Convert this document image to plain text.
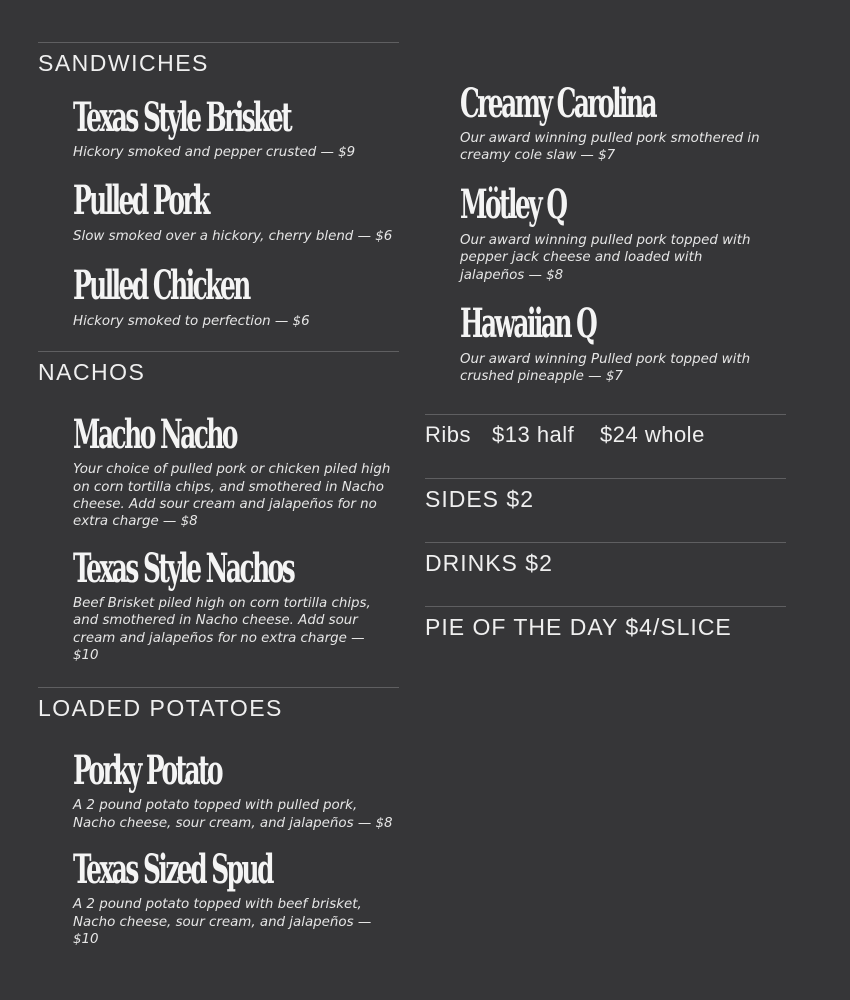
SANDWICHES
Texas Style Brisket
Hickory smoked and pepper crusted — $9
Pulled Pork
Slow smoked over a hickory, cherry blend — $6
Pulled Chicken
Hickory smoked to perfection — $6
NACHOS
Macho Nacho
Your choice of pulled pork or chicken piled high on corn tortilla chips, and smothered in Nacho cheese. Add sour cream and jalapeños for no extra charge — $8
Texas Style Nachos
Beef Brisket piled high on corn tortilla chips, and smothered in Nacho cheese. Add sour cream and jalapeños for no extra charge — $10
LOADED POTATOES
Porky Potato
A 2 pound potato topped with pulled pork, Nacho cheese, sour cream, and jalapeños — $8
Texas Sized Spud
A 2 pound potato topped with beef brisket, Nacho cheese, sour cream, and jalapeños — $10
Creamy Carolina
Our award winning pulled pork smothered in creamy cole slaw — $7
Mötley Q
Our award winning pulled pork topped with pepper jack cheese and loaded with jalapeños — $8
Hawaiian Q
Our award winning Pulled pork topped with crushed pineapple — $7
Ribs $13 half	$24 whole
SIDES $2
DRINKS $2
PIE OF THE DAY $4/SLICE
